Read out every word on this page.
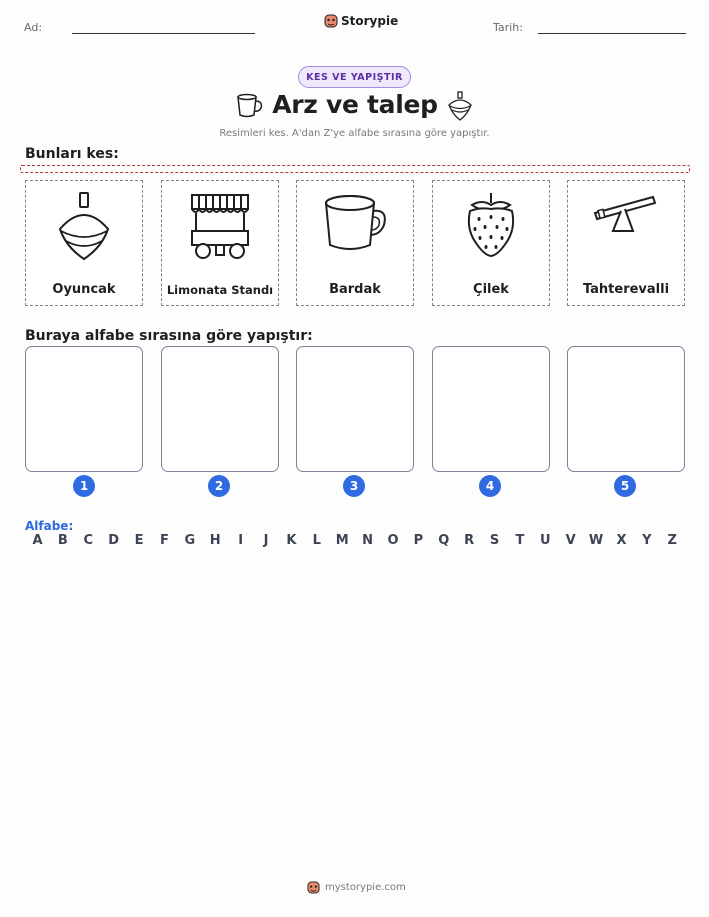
Ad:	Storypie	Tarih:
KES VE YAPIŞTIR
Arz ve talep
Resimleri kes. A'dan Z'ye alfabe sırasına göre yapıştır.
Bunları kes:
Oyuncak	Limonata Standı	Bardak	Çilek	Tahterevalli
Buraya alfabe sırasına göre yapıştır:
1	2	3	4	5
Alfabe:
A	B	C	D	E	F	G	H	I	J	K	L	M	N	O	P	Q	R	S	T	U	V	W	X	Y	Z
mystorypie.com
